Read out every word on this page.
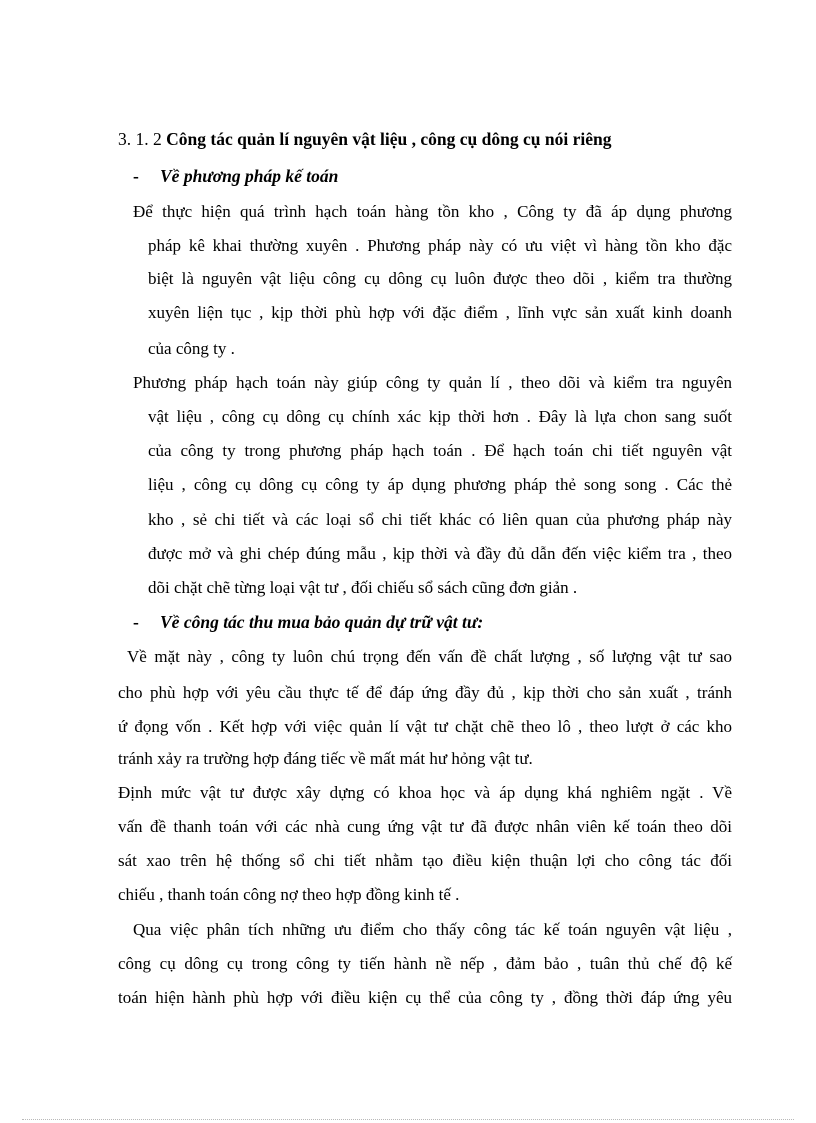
3. 1. 2 Công tác quản lí nguyên vật liệu , công cụ dông cụ nói riêng
- Về phương pháp kế toán
Để thực hiện quá trình hạch toán hàng tồn kho , Công ty đã áp dụng phương
pháp kê khai thường xuyên . Phương pháp này có ưu việt vì hàng tồn kho đặc
biệt là nguyên vật liệu công cụ dông cụ luôn được theo dõi , kiểm tra thường
xuyên liện tục , kịp thời phù hợp với đặc điểm , lĩnh vực sản xuất kinh doanh
của công ty .
Phương pháp hạch toán này giúp công ty quản lí , theo dõi và kiểm tra nguyên
vật liệu , công cụ dông cụ chính xác kịp thời hơn . Đây là lựa chon sang suốt
của công ty trong phương pháp hạch toán . Để hạch toán chi tiết nguyên vật
liệu , công cụ dông cụ công ty áp dụng phương pháp thẻ song song . Các thẻ
kho , sẻ chi tiết và các loại sổ chi tiết khác có liên quan của phương pháp này
được mở và ghi chép đúng mẫu , kịp thời và đầy đủ dẫn đến việc kiểm tra , theo
dõi chặt chẽ từng loại vật tư , đối chiếu sổ sách cũng đơn giản .
- Về công tác thu mua bảo quản dự trữ vật tư:
Về mặt này , công ty luôn chú trọng đến vấn đề chất lượng , số lượng vật tư sao
cho phù hợp với yêu cầu thực tế để đáp ứng đầy đủ , kịp thời cho sản xuất , tránh
ứ đọng vốn . Kết hợp với việc quản lí vật tư chặt chẽ theo lô , theo lượt ở các kho
tránh xảy ra trường hợp đáng tiếc về mất mát hư hỏng vật tư.
Định mức vật tư được xây dựng có khoa học và áp dụng khá nghiêm ngặt . Về
vấn đề thanh toán với các nhà cung ứng vật tư đã được nhân viên kế toán theo dõi
sát xao trên hệ thống sổ chi tiết nhằm tạo điều kiện thuận lợi cho công tác đối
chiếu , thanh toán công nợ theo hợp đồng kinh tế .
Qua việc phân tích những ưu điểm cho thấy công tác kế toán nguyên vật liệu ,
công cụ dông cụ trong công ty tiến hành nề nếp , đảm bảo , tuân thủ chế độ kế
toán hiện hành phù hợp với điều kiện cụ thể của công ty , đồng thời đáp ứng yêu
